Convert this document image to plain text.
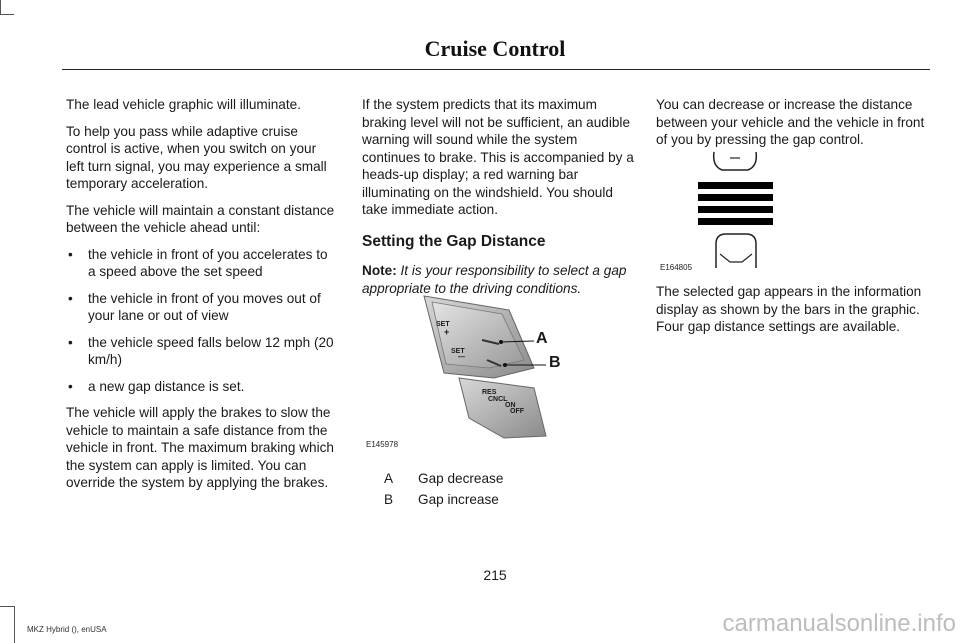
Cruise Control

The lead vehicle graphic will illuminate.

To help you pass while adaptive cruise control is active, when you switch on your left turn signal, you may experience a small temporary acceleration.

The vehicle will maintain a constant distance between the vehicle ahead until:

• the vehicle in front of you accelerates to a speed above the set speed
• the vehicle in front of you moves out of your lane or out of view
• the vehicle speed falls below 12 mph (20 km/h)
• a new gap distance is set.

The vehicle will apply the brakes to slow the vehicle to maintain a safe distance from the vehicle in front. The maximum braking which the system can apply is limited. You can override the system by applying the brakes.

If the system predicts that its maximum braking level will not be sufficient, an audible warning will sound while the system continues to brake. This is accompanied by a heads-up display; a red warning bar illuminating on the windshield. You should take immediate action.

Setting the Gap Distance

Note: It is your responsibility to select a gap appropriate to the driving conditions.

SET
+
SET
—
RES
CNCL
ON
OFF
A
B
E145978
A	Gap decrease
B	Gap increase

You can decrease or increase the distance between your vehicle and the vehicle in front of you by pressing the gap control.

E164805

The selected gap appears in the information display as shown by the bars in the graphic. Four gap distance settings are available.

215
MKZ Hybrid (), enUSA	carmanualsonline.info
